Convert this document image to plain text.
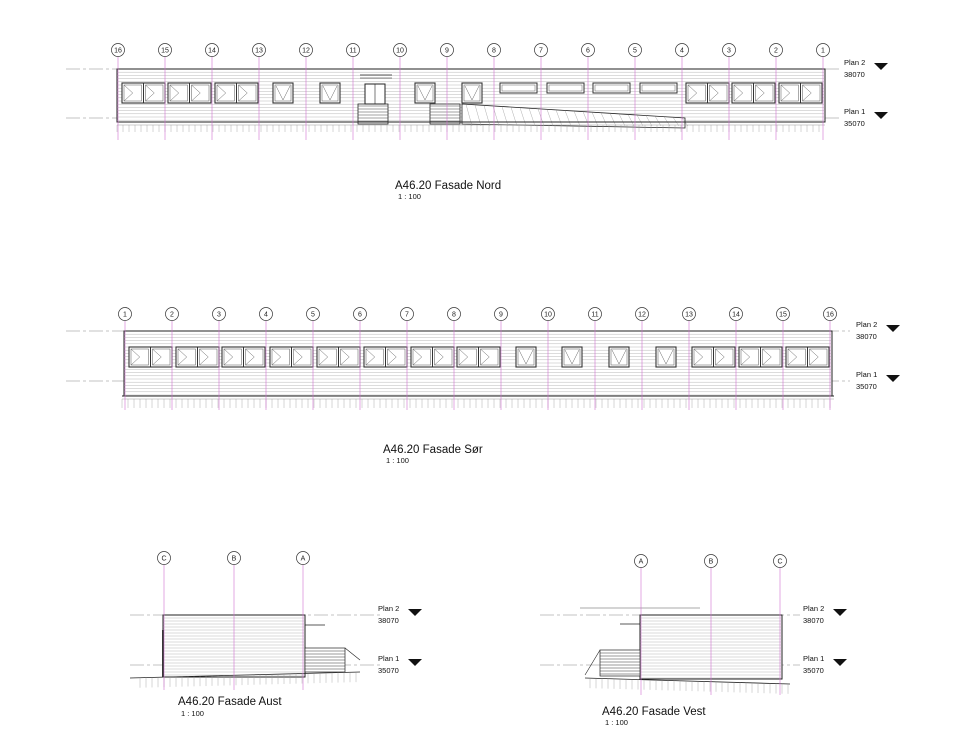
Plan 2
38070
Plan 1
35070
16	15	14	13	12	11	10	9	8	7	6	5	4	3	2	1
Plan 2
38070
Plan 1
35070
1	2	3	4	5	6	7	8	9	10	11	12	13	14	15	16
Plan 2
38070
Plan 1
35070
C	B	A
Plan 2
38070
Plan 1
35070
A	B	C
A46.20 Fasade Nord
1 : 100
A46.20 Fasade Sør
1 : 100
A46.20 Fasade Aust
1 : 100	A46.20 Fasade Vest
1 : 100
